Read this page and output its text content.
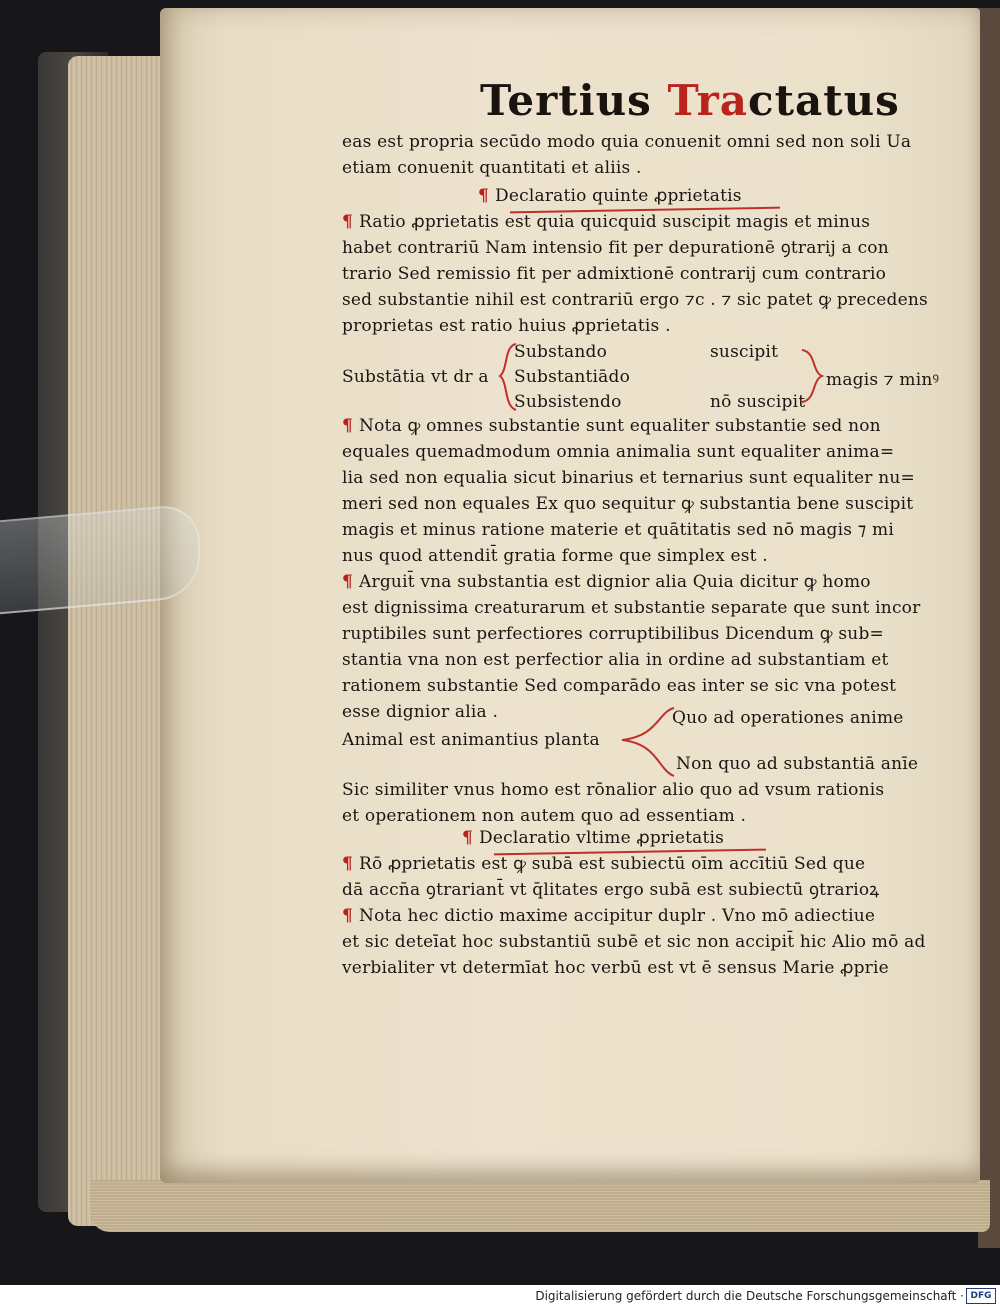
Tertius Tractatus
eas est propria secūdo modo quia conuenit omni sed non soli Ua
etiam conuenit quantitati et aliis .
¶ Declaratio quinte ꝓprietatis
¶ Ratio ꝓprietatis est quia quicquid suscipit magis et minus
habet contrariū Nam intensio fit per depurationē ꝯtrarij a con
trario Sed remissio fit per admixtionē contrarij cum contrario
sed substantie nihil est contrariū ergo ⁊c . ⁊ sic patet ꝙ precedens
proprietas est ratio huius ꝓprietatis .
Substando
Substātia vt dr a Substantiādo
Subsistendo
suscipit
nō suscipit
magis ⁊ minꝰ
¶ Nota ꝙ omnes substantie sunt equaliter substantie sed non
equales quemadmodum omnia animalia sunt equaliter anima=
lia sed non equalia sicut binarius et ternarius sunt equaliter nu=
meri sed non equales Ex quo sequitur ꝙ substantia bene suscipit
magis et minus ratione materie et quātitatis sed nō magis ⁊ mi
nus quod attendit̄ gratia forme que simplex est .
¶ Arguit̄ vna substantia est dignior alia Quia dicitur ꝙ homo
est dignissima creaturarum et substantie separate que sunt incor
ruptibiles sunt perfectiores corruptibilibus Dicendum ꝙ sub=
stantia vna non est perfectior alia in ordine ad substantiam et
rationem substantie Sed comparādo eas inter se sic vna potest
esse dignior alia .	Quo ad operationes anime
Animal est animantius planta
Non quo ad substantiā anīe
Sic similiter vnus homo est rōnalior alio quo ad vsum rationis
et operationem non autem quo ad essentiam .
¶ Declaratio vltime ꝓprietatis
¶ Rō ꝓprietatis est ꝙ subā est subiectū oīm accītiū Sed que
dā accn̄a ꝯtrariant̄ vt q̄litates ergo subā est subiectū ꝯtrarioꝝ
¶ Nota hec dictio maxime accipitur duplr . Vno mō adiectiue
et sic deteīat hoc substantiū subē et sic non accipit̄ hic Alio mō ad
verbialiter vt determīat hoc verbū est vt ē sensus Marie ꝓprie
Digitalisierung gefördert durch die Deutsche Forschungsgemeinschaft · DFG
